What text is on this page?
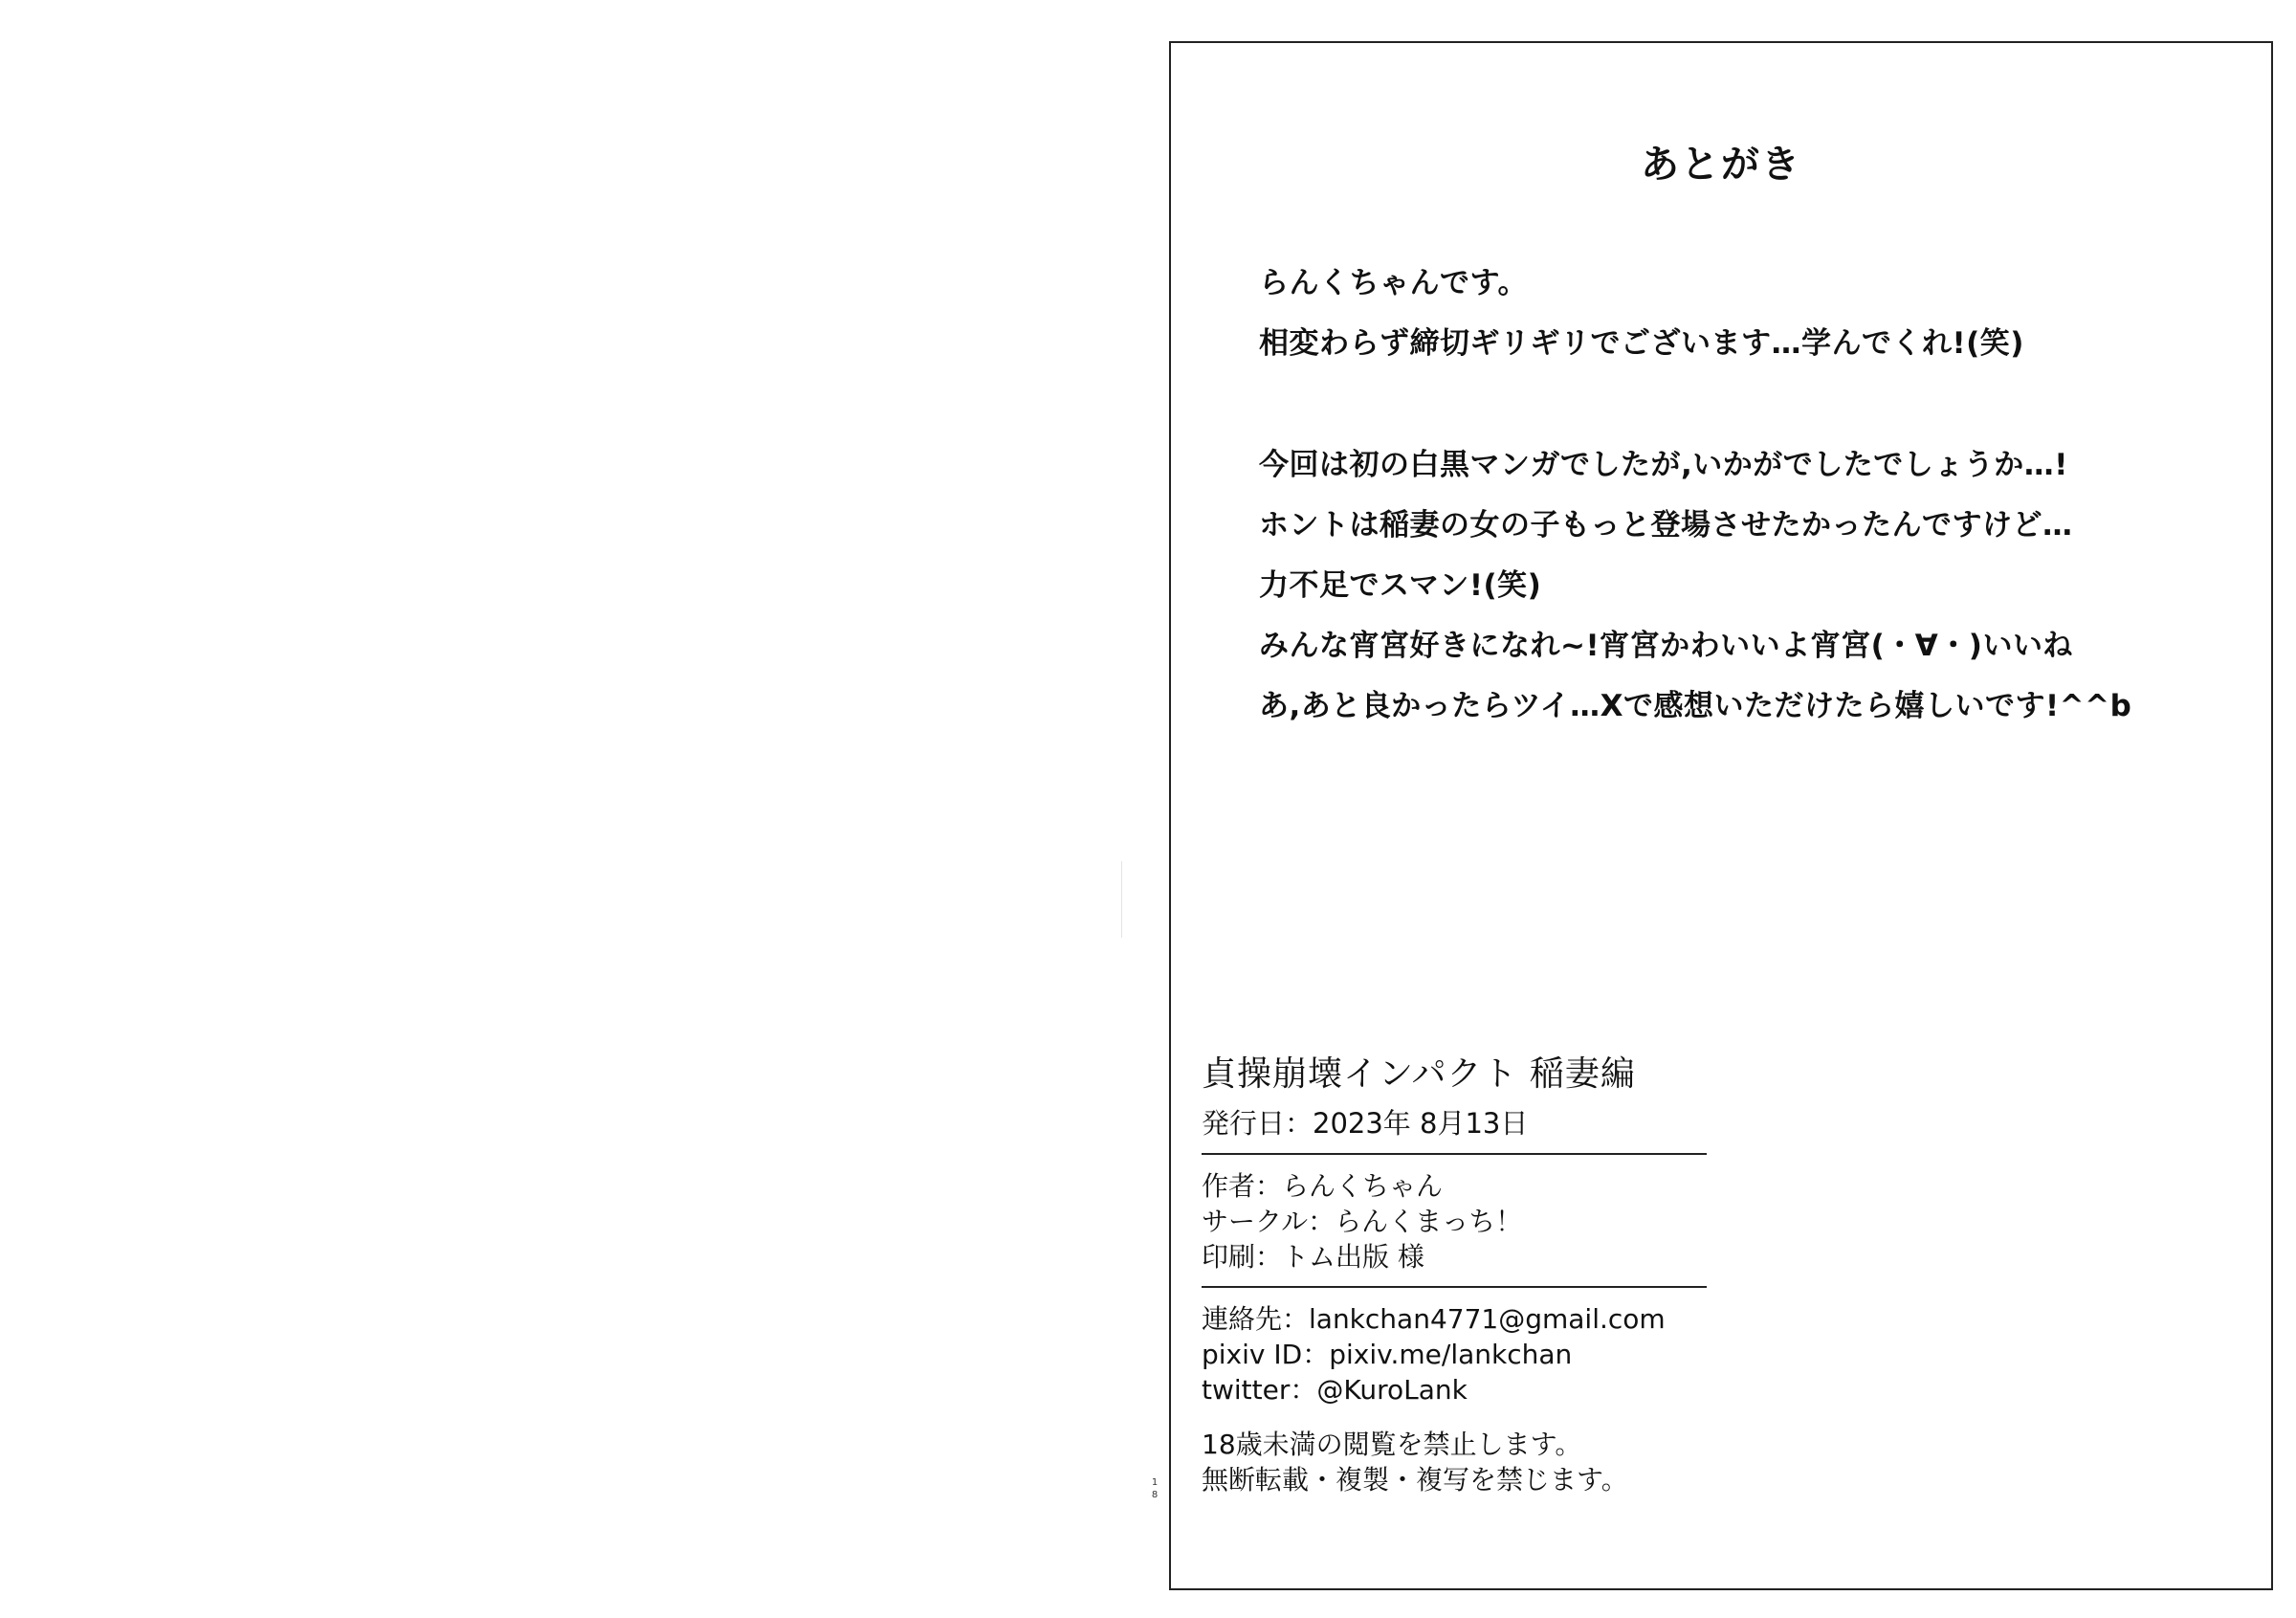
あとがき
らんくちゃんです。
相変わらず締切ギリギリでございます…学んでくれ!(笑)
今回は初の白黒マンガでしたが,いかがでしたでしょうか…!
ホントは稲妻の女の子もっと登場させたかったんですけど…
力不足でスマン!(笑)
みんな宵宮好きになれ~!宵宮かわいいよ宵宮(・∀・)いいね
あ,あと良かったらツイ…Xで感想いただけたら嬉しいです!^^b
貞操崩壊インパクト 稲妻編
発行日：2023年 8月13日
作者：らんくちゃん
サークル：らんくまっち！
印刷：トム出版 様
連絡先：lankchan4771@gmail.com
pixiv ID：pixiv.me/lankchan
twitter：@KuroLank
18歳未満の閲覧を禁止します。
無断転載・複製・複写を禁じます。
1
8
